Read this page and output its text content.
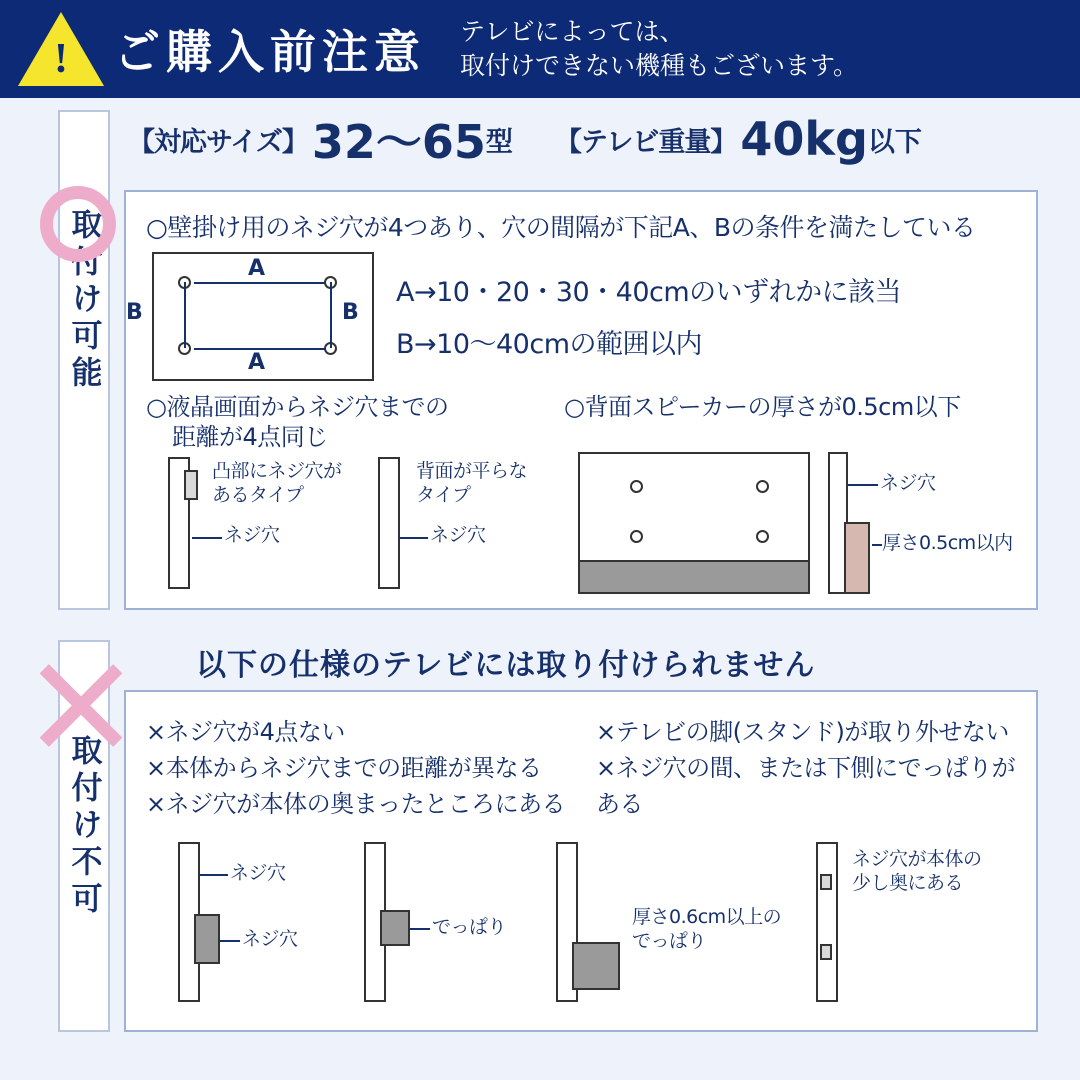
!	ご購入前注意 テレビによっては、
取付けできない機種もございます。
【対応サイズ】 32〜65 型 【テレビ重量】 40kg 以下
取付け可能
取付け不可
○壁掛け用のネジ穴が4つあり、穴の間隔が下記A、Bの条件を満たしている
A
A
B	B
A→10・20・30・40cmのいずれかに該当
B→10〜40cmの範囲以内
○液晶画面からネジ穴までの
距離が4点同じ
○背面スピーカーの厚さが0.5cm以下
凸部にネジ穴が
あるタイプ
ネジ穴
背面が平らな
タイプ
ネジ穴
ネジ穴
厚さ0.5cm以内
以下の仕様のテレビには取り付けられません
×ネジ穴が4点ない
×本体からネジ穴までの距離が異なる
×ネジ穴が本体の奥まったところにある
×テレビの脚(スタンド)が取り外せない
×ネジ穴の間、または下側にでっぱりが
ある
ネジ穴
ネジ穴
でっぱり	厚さ0.6cm以上の
でっぱり
ネジ穴が本体の
少し奥にある
